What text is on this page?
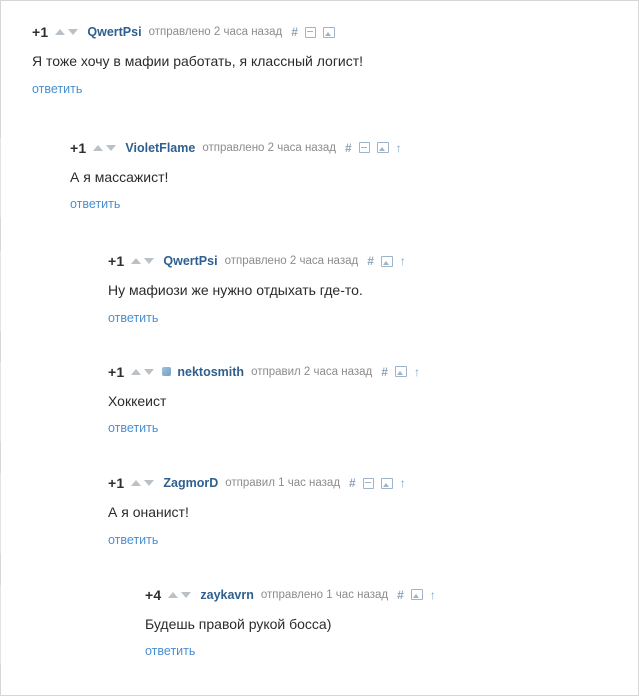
+1	QwertPsi отправлено 2 часа назад #
Я тоже хочу в мафии работать, я классный логист!
ответить
+1	VioletFlame отправлено 2 часа назад #	↑
А я массажист!
ответить
+1	QwertPsi отправлено 2 часа назад # ↑
Ну мафиози же нужно отдыхать где-то.
ответить
+1	nektosmith отправил 2 часа назад # ↑
Хоккеист
ответить
+1	ZagmorD отправил 1 час назад #	↑
А я онанист!
ответить
+4	zaykavrn отправлено 1 час назад # ↑
Будешь правой рукой босса)
ответить
